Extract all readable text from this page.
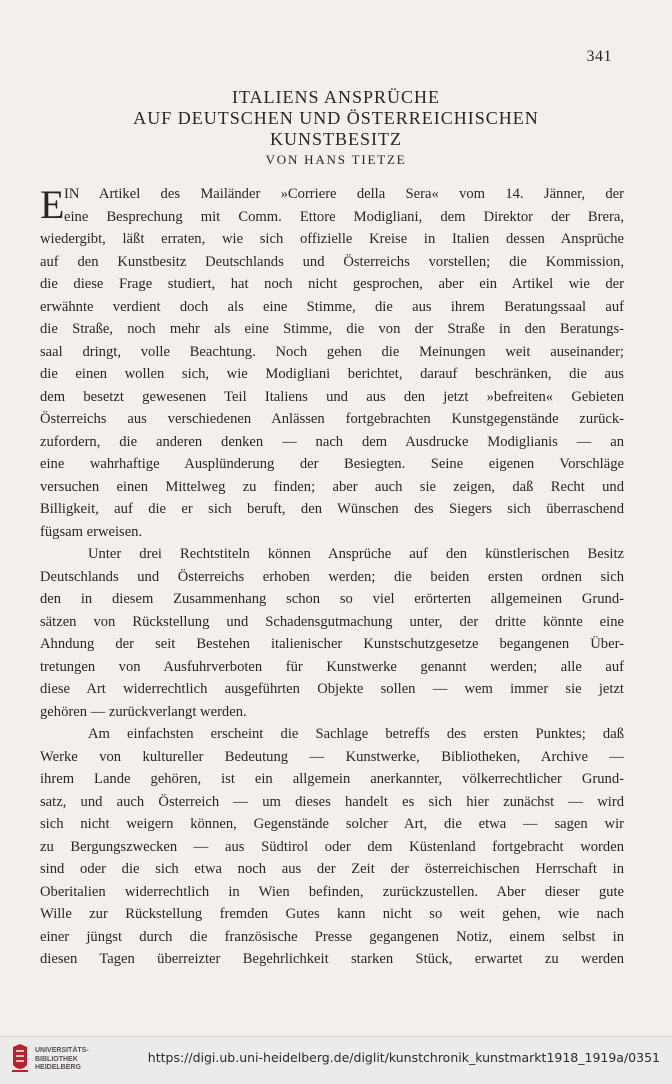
341
ITALIENS ANSPRÜCHE
AUF DEUTSCHEN UND ÖSTERREICHISCHEN
KUNSTBESITZ
VON HANS TIETZE
E IN Artikel des Mailänder »Corriere della Sera« vom 14. Jänner, der
eine Besprechung mit Comm. Ettore Modigliani, dem Direktor der Brera,
wiedergibt, läßt erraten, wie sich offizielle Kreise in Italien dessen Ansprüche
auf den Kunstbesitz Deutschlands und Österreichs vorstellen; die Kommission,
die diese Frage studiert, hat noch nicht gesprochen, aber ein Artikel wie der
erwähnte verdient doch als eine Stimme, die aus ihrem Beratungssaal auf
die Straße, noch mehr als eine Stimme, die von der Straße in den Beratungs-
saal dringt, volle Beachtung. Noch gehen die Meinungen weit auseinander;
die einen wollen sich, wie Modigliani berichtet, darauf beschränken, die aus
dem besetzt gewesenen Teil Italiens und aus den jetzt »befreiten« Gebieten
Österreichs aus verschiedenen Anlässen fortgebrachten Kunstgegenstände zurück-
zufordern, die anderen denken — nach dem Ausdrucke Modiglianis — an
eine wahrhaftige Ausplünderung der Besiegten. Seine eigenen Vorschläge
versuchen einen Mittelweg zu finden; aber auch sie zeigen, daß Recht und
Billigkeit, auf die er sich beruft, den Wünschen des Siegers sich überraschend
fügsam erweisen.
Unter drei Rechtstiteln können Ansprüche auf den künstlerischen Besitz
Deutschlands und Österreichs erhoben werden; die beiden ersten ordnen sich
den in diesem Zusammenhang schon so viel erörterten allgemeinen Grund-
sätzen von Rückstellung und Schadensgutmachung unter, der dritte könnte eine
Ahndung der seit Bestehen italienischer Kunstschutzgesetze begangenen Über-
tretungen von Ausfuhrverboten für Kunstwerke genannt werden; alle auf
diese Art widerrechtlich ausgeführten Objekte sollen — wem immer sie jetzt
gehören — zurückverlangt werden.
Am einfachsten erscheint die Sachlage betreffs des ersten Punktes; daß
Werke von kultureller Bedeutung — Kunstwerke, Bibliotheken, Archive —
ihrem Lande gehören, ist ein allgemein anerkannter, völkerrechtlicher Grund-
satz, und auch Österreich — um dieses handelt es sich hier zunächst — wird
sich nicht weigern können, Gegenstände solcher Art, die etwa — sagen wir
zu Bergungszwecken — aus Südtirol oder dem Küstenland fortgebracht worden
sind oder die sich etwa noch aus der Zeit der österreichischen Herrschaft in
Oberitalien widerrechtlich in Wien befinden, zurückzustellen. Aber dieser gute
Wille zur Rückstellung fremden Gutes kann nicht so weit gehen, wie nach
einer jüngst durch die französische Presse gegangenen Notiz, einem selbst in
diesen Tagen überreizter Begehrlichkeit starken Stück, erwartet zu werden
UNIVERSITÄTS-
BIBLIOTHEK
HEIDELBERG
https://digi.ub.uni-heidelberg.de/diglit/kunstchronik_kunstmarkt1918_1919a/0351
